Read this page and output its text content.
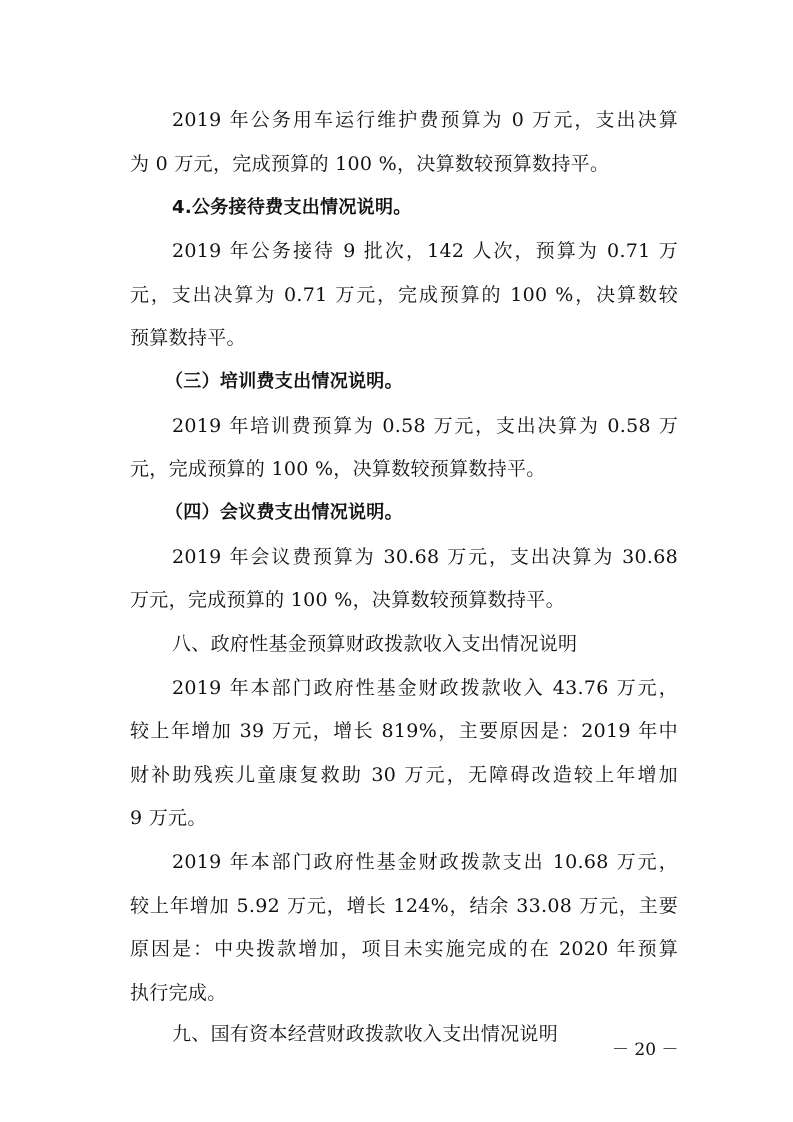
2019 年公务用车运行维护费预算为 0 万元，支出决算
为 0 万元，完成预算的 100 %，决算数较预算数持平。
4.公务接待费支出情况说明。
2019 年公务接待 9 批次，142 人次，预算为 0.71 万
元，支出决算为 0.71 万元，完成预算的 100 %，决算数较
预算数持平。
（三）培训费支出情况说明。
2019 年培训费预算为 0.58 万元，支出决算为 0.58 万
元，完成预算的 100 %，决算数较预算数持平。
（四）会议费支出情况说明。
2019 年会议费预算为 30.68 万元，支出决算为 30.68
万元，完成预算的 100 %，决算数较预算数持平。
八、政府性基金预算财政拨款收入支出情况说明
2019 年本部门政府性基金财政拨款收入 43.76 万元，
较上年增加 39 万元，增长 819%，主要原因是：2019 年中
财补助残疾儿童康复救助 30 万元，无障碍改造较上年增加
9 万元。
2019 年本部门政府性基金财政拨款支出 10.68 万元，
较上年增加 5.92 万元，增长 124%，结余 33.08 万元，主要
原因是：中央拨款增加，项目未实施完成的在 2020 年预算
执行完成。
九、国有资本经营财政拨款收入支出情况说明
－ 20 －
